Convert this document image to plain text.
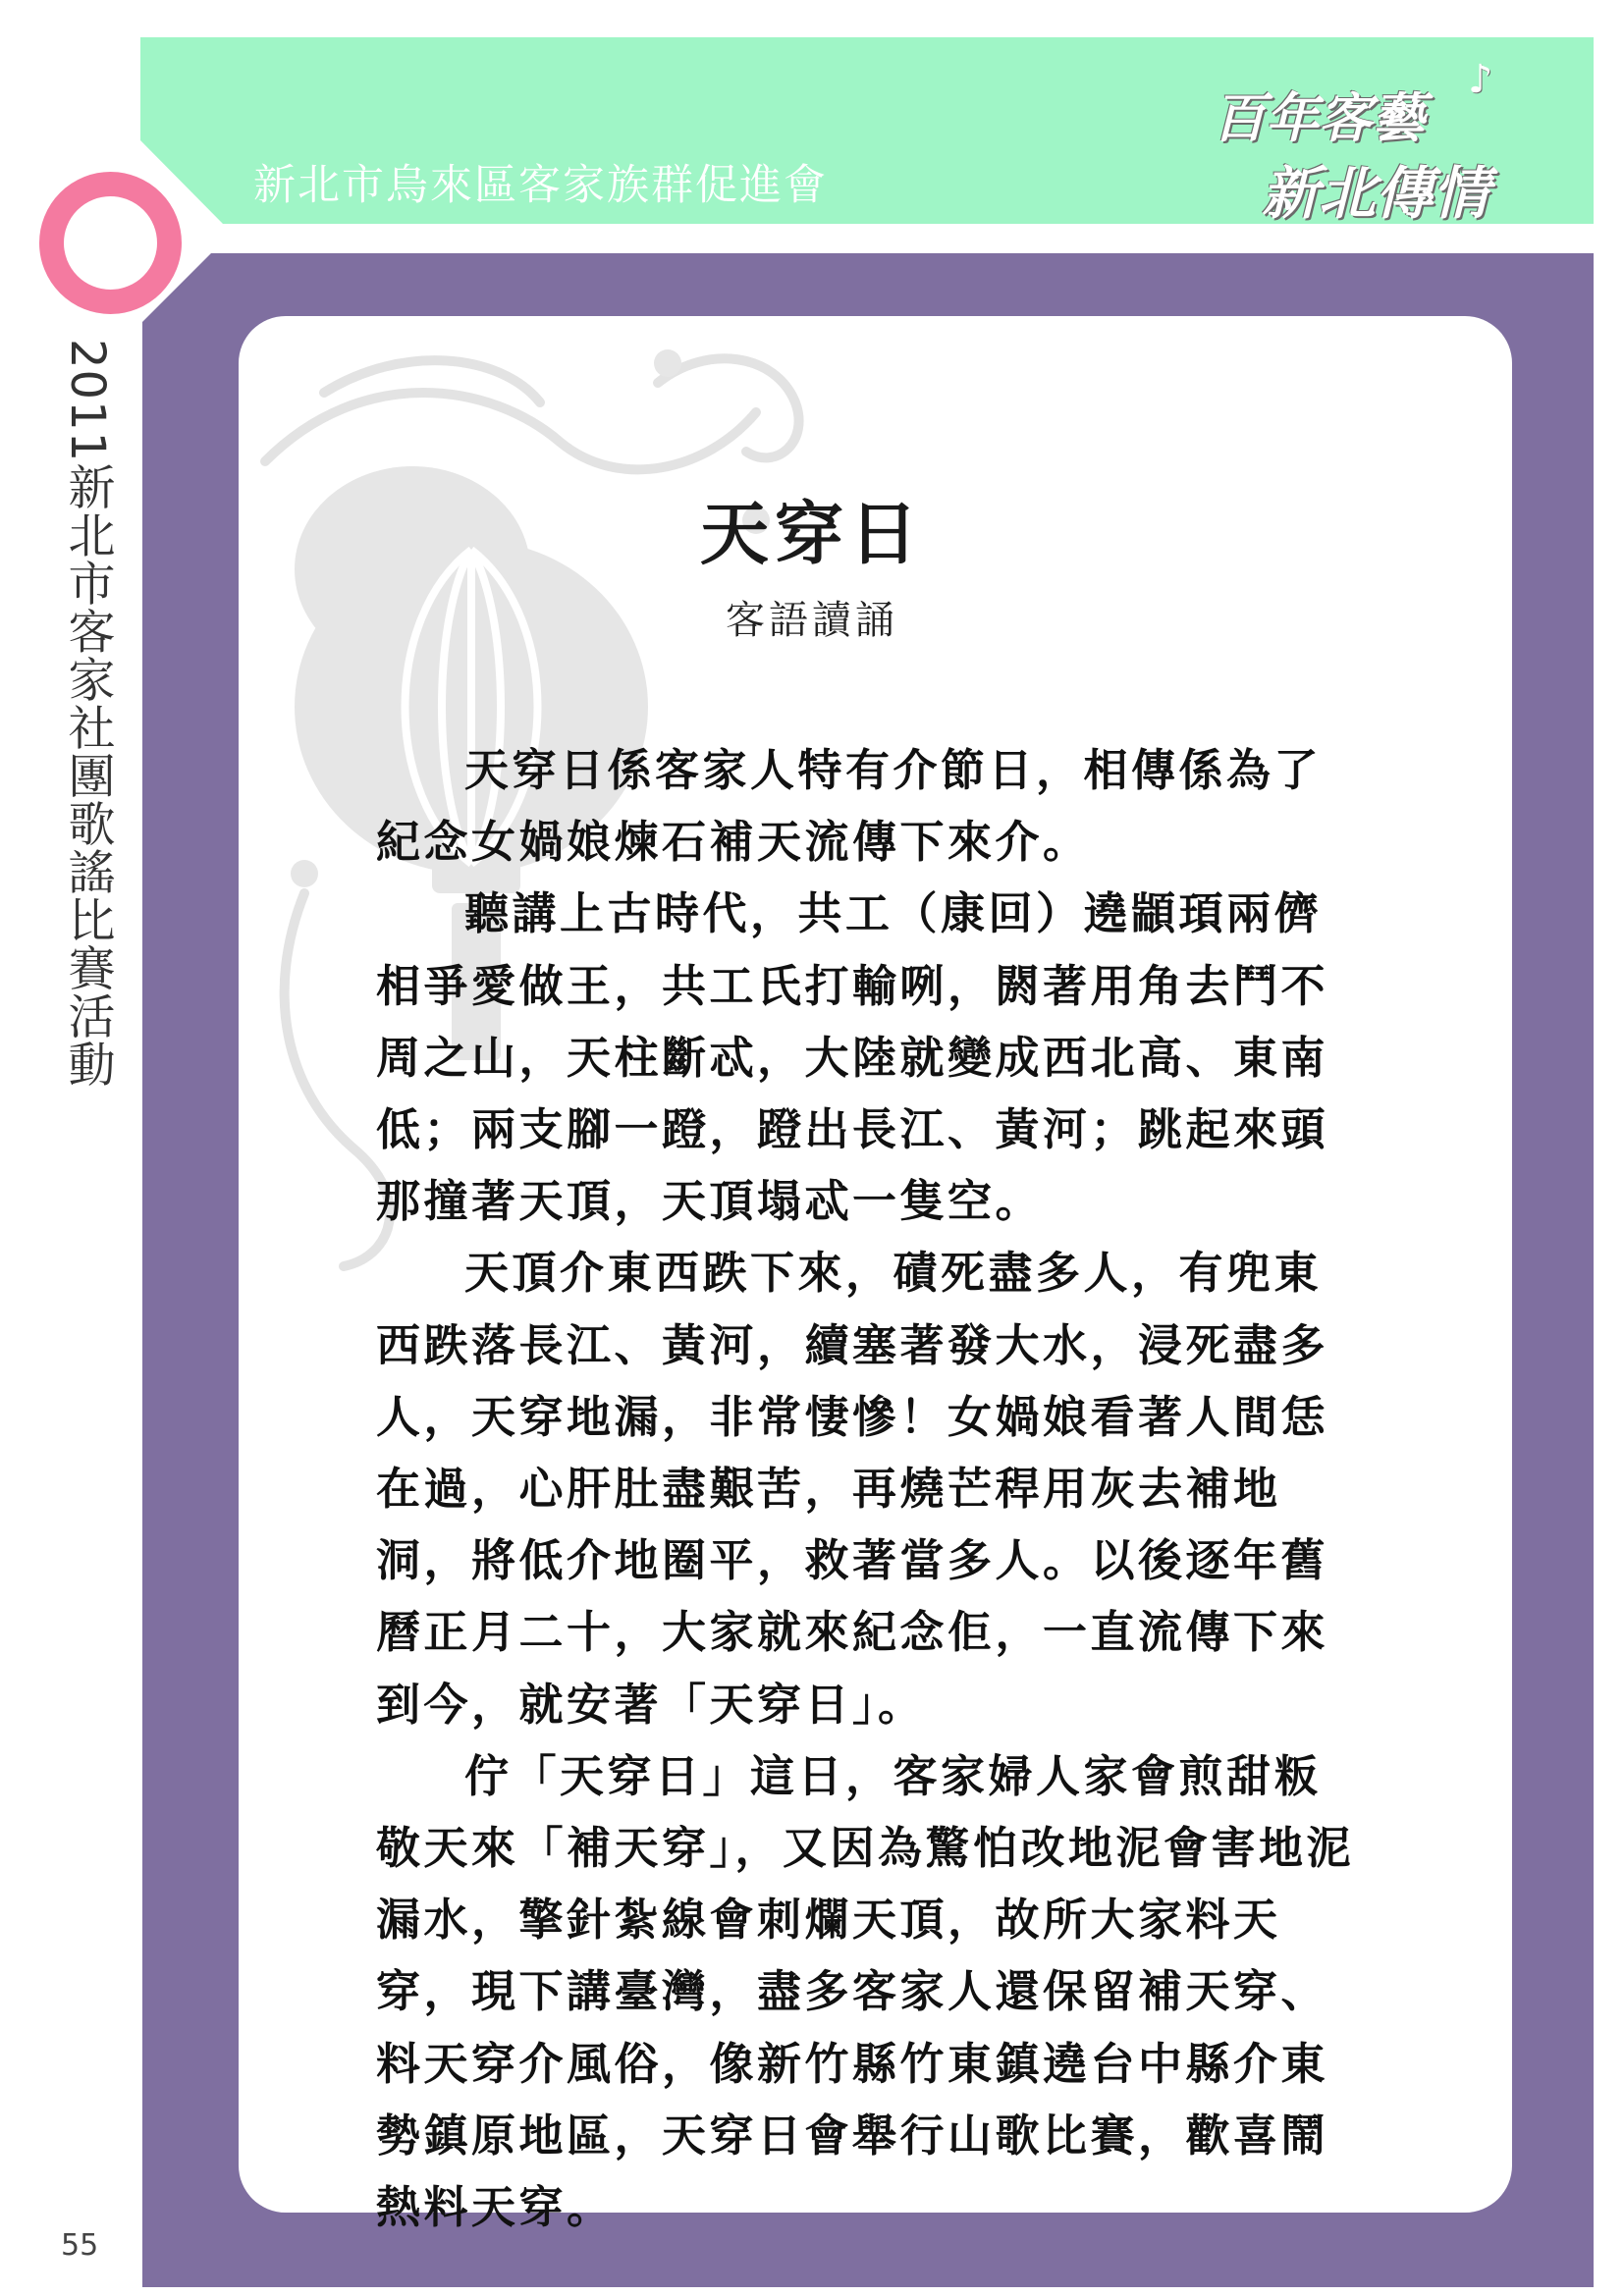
新北市烏來區客家族群促進會
百年客藝
♪
新北傳情
2011新北市客家社團歌謠比賽活動
55
天穿日
客語讀誦

天穿日係客家人特有介節日，相傳係為了紀念女媧娘煉石補天流傳下來介。

聽講上古時代，共工（康回）遶顓頊兩儕相爭愛做王，共工氏打輸咧，閼著用角去鬥不周之山，天柱斷忒，大陸就變成西北高、東南低；兩支腳一蹬，蹬出長江、黃河；跳起來頭那撞著天頂，天頂塌忒一隻空。

天頂介東西跌下來，磧死盡多人，有兜東西跌落長江、黃河，續塞著發大水，浸死盡多人，天穿地漏，非常悽慘！女媧娘看著人間恁在過，心肝肚盡艱苦，再燒芒稈用灰去補地洞，將低介地圈平，救著當多人。以後逐年舊曆正月二十，大家就來紀念佢，一直流傳下來到今，就安著「天穿日」。

佇「天穿日」這日，客家婦人家會煎甜粄敬天來「補天穿」，又因為驚怕改地泥會害地泥漏水，擎針紮線會刺爛天頂，故所大家料天穿，現下講臺灣，盡多客家人還保留補天穿、料天穿介風俗，像新竹縣竹東鎮遶台中縣介東勢鎮原地區，天穿日會舉行山歌比賽，歡喜鬧熱料天穿。
